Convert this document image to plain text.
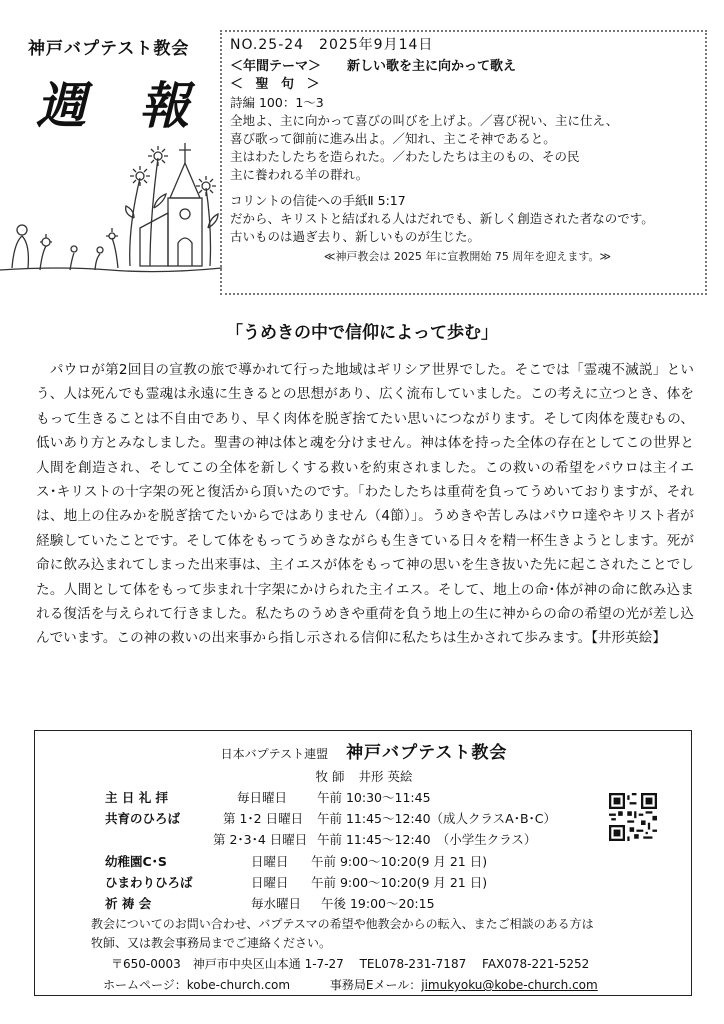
神戸バプテスト教会
週 報
NO.25-24　2025年9月14日
＜年間テーマ＞ 新しい歌を主に向かって歌え
＜ 聖 句 ＞
詩編 100：1～3
全地よ、主に向かって喜びの叫びを上げよ。／喜び祝い、主に仕え、
喜び歌って御前に進み出よ。／知れ、主こそ神であると。
主はわたしたちを造られた。／わたしたちは主のもの、その民
主に養われる羊の群れ。
コリントの信徒への手紙Ⅱ 5:17
だから、キリストと結ばれる人はだれでも、新しく創造された者なのです。
古いものは過ぎ去り、新しいものが生じた。
≪神戸教会は 2025 年に宣教開始 75 周年を迎えます。≫
「うめきの中で信仰によって歩む」
　パウロが第2回目の宣教の旅で導かれて行った地域はギリシア世界でした。そこでは「霊魂不滅説」という、人は死んでも霊魂は永遠に生きるとの思想があり、広く流布していました。この考えに立つとき、体をもって生きることは不自由であり、早く肉体を脱ぎ捨てたい思いにつながります。そして肉体を蔑むもの、低いあり方とみなしました。聖書の神は体と魂を分けません。神は体を持った全体の存在としてこの世界と人間を創造され、そしてこの全体を新しくする救いを約束されました。この救いの希望をパウロは主イエス･キリストの十字架の死と復活から頂いたのです。「わたしたちは重荷を負ってうめいておりますが、それは、地上の住みかを脱ぎ捨てたいからではありません（4節）」。うめきや苦しみはパウロ達やキリスト者が経験していたことです。そして体をもってうめきながらも生きている日々を精一杯生きようとします。死が命に飲み込まれてしまった出来事は、主イエスが体をもって神の思いを生き抜いた先に起こされたことでした。人間として体をもって歩まれ十字架にかけられた主イエス。そして、地上の命･体が神の命に飲み込まれる復活を与えられて行きました。私たちのうめきや重荷を負う地上の生に神からの命の希望の光が差し込んでいます。この神の救いの出来事から指し示される信仰に私たちは生かされて歩みます。【井形英絵】
日本バプテスト連盟 神戸バプテスト教会
牧 師 井形 英絵
主 日 礼 拝	毎日曜日 午前 10:30～11:45
共育のひろば	第 1･2 日曜日 午前 11:45～12:40（成人クラスA･B･C）
第 2･3･4 日曜日 午前 11:45～12:40　（小学生クラス）
幼稚園C･S	日曜日 午前 9:00～10:20(9 月 21 日)
ひまわりひろば	日曜日 午前 9:00～10:20(9 月 21 日)
祈 祷 会	毎水曜日 午後 19:00～20:15
教会についてのお問い合わせ、バプテスマの希望や他教会からの転入、またご相談のある方は
牧師、又は教会事務局までご連絡ください。
〒650-0003　神戸市中央区山本通 1-7-27　 TEL078-231-7187　 FAX078-221-5252
ホームページ：kobe-church.com	事務局Eメール：jimukyoku@kobe-church.com
